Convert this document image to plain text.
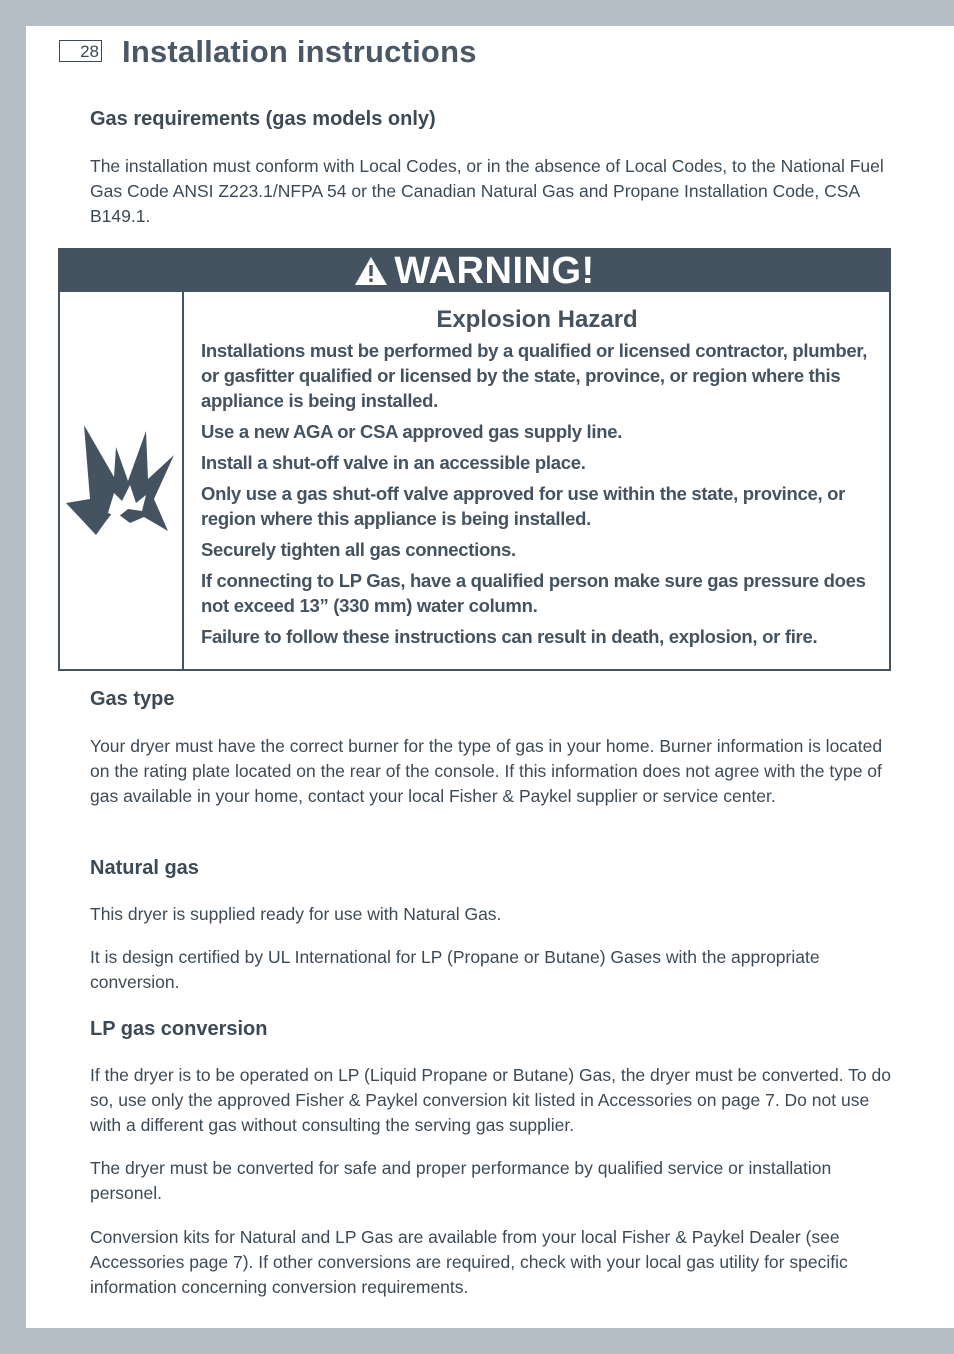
28 Installation instructions
Gas requirements (gas models only)

The installation must conform with Local Codes, or in the absence of Local Codes, to the National Fuel Gas Code ANSI Z223.1/NFPA 54 or the Canadian Natural Gas and Propane Installation Code, CSA B149.1.

WARNING!
Explosion Hazard

Installations must be performed by a qualified or licensed contractor, plumber, or gasfitter qualified or licensed by the state, province, or region where this appliance is being installed.

Use a new AGA or CSA approved gas supply line.

Install a shut-off valve in an accessible place.

Only use a gas shut-off valve approved for use within the state, province, or region where this appliance is being installed.

Securely tighten all gas connections.

If connecting to LP Gas, have a qualified person make sure gas pressure does not exceed 13” (330 mm) water column.

Failure to follow these instructions can result in death, explosion, or fire.

Gas type

Your dryer must have the correct burner for the type of gas in your home. Burner information is located on the rating plate located on the rear of the console. If this information does not agree with the type of gas available in your home, contact your local Fisher & Paykel supplier or service center.

Natural gas

This dryer is supplied ready for use with Natural Gas.

It is design certified by UL International for LP (Propane or Butane) Gases with the appropriate conversion.

LP gas conversion

If the dryer is to be operated on LP (Liquid Propane or Butane) Gas, the dryer must be converted. To do so, use only the approved Fisher & Paykel conversion kit listed in Accessories on page 7. Do not use with a different gas without consulting the serving gas supplier.

The dryer must be converted for safe and proper performance by qualified service or installation personel.

Conversion kits for Natural and LP Gas are available from your local Fisher & Paykel Dealer (see Accessories page 7). If other conversions are required, check with your local gas utility for specific information concerning conversion requirements.
